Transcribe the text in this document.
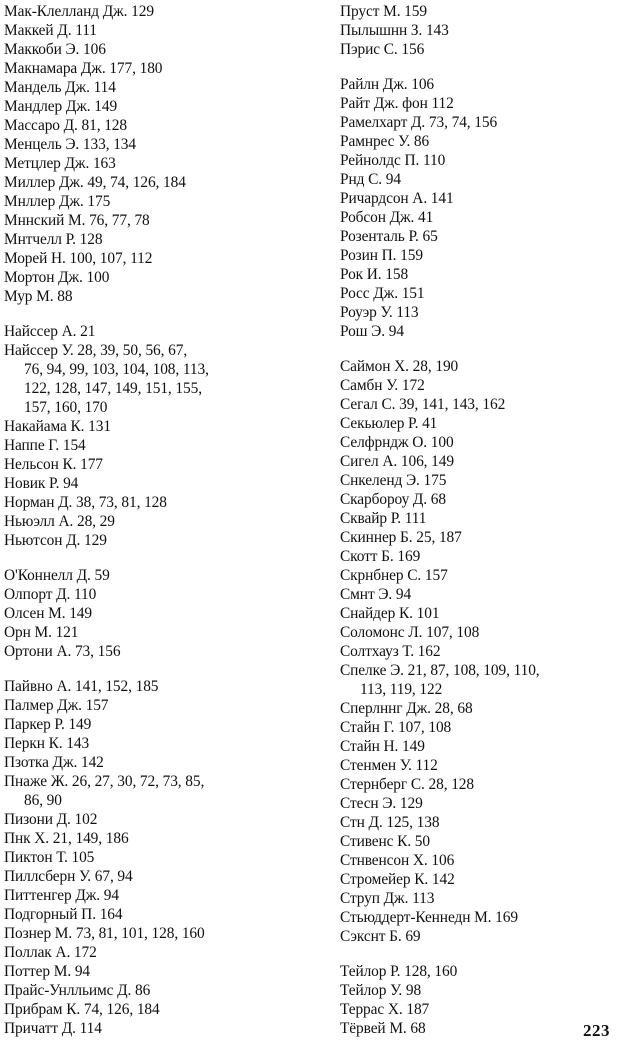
Мак-Клелланд Дж. 129
Маккей Д. 111
Маккоби Э. 106
Макнамара Дж. 177, 180
Мандель Дж. 114
Мандлер Дж. 149
Массаро Д. 81, 128
Менцель Э. 133, 134
Метцлер Дж. 163
Миллер Дж. 49, 74, 126, 184
Мнллер Дж. 175
Мннский М. 76, 77, 78
Мнтчелл Р. 128
Морей Н. 100, 107, 112
Мортон Дж. 100
Мур М. 88
Найссер А. 21
Найссер У. 28, 39, 50, 56, 67,
76, 94, 99, 103, 104, 108, 113,
122, 128, 147, 149, 151, 155,
157, 160, 170
Накайама К. 131
Наппе Г. 154
Нельсон К. 177
Новик Р. 94
Норман Д. 38, 73, 81, 128
Ньюэлл А. 28, 29
Ньютсон Д. 129
О'Коннелл Д. 59
Олпорт Д. 110
Олсен М. 149
Орн М. 121
Ортони А. 73, 156
Пайвно А. 141, 152, 185
Палмер Дж. 157
Паркер Р. 149
Перкн К. 143
Пзотка Дж. 142
Пнаже Ж. 26, 27, 30, 72, 73, 85,
86, 90
Пизони Д. 102
Пнк Х. 21, 149, 186
Пиктон Т. 105
Пиллсберн У. 67, 94
Питтенгер Дж. 94
Подгорный П. 164
Познер М. 73, 81, 101, 128, 160
Поллак А. 172
Поттер М. 94
Прайс-Унлльимс Д. 86
Прибрам К. 74, 126, 184
Причатт Д. 114
Пруст М. 159
Пылышнн З. 143
Пэрис С. 156
Райлн Дж. 106
Райт Дж. фон 112
Рамелхарт Д. 73, 74, 156
Рамнрес У. 86
Рейнолдс П. 110
Рнд С. 94
Ричардсон А. 141
Робсон Дж. 41
Розенталь Р. 65
Розин П. 159
Рок И. 158
Росс Дж. 151
Роуэр У. 113
Рош Э. 94
Саймон Х. 28, 190
Самбн У. 172
Сегал С. 39, 141, 143, 162
Секьюлер Р. 41
Селфрндж О. 100
Сигел А. 106, 149
Снкеленд Э. 175
Скарбороу Д. 68
Сквайр Р. 111
Скиннер Б. 25, 187
Скотт Б. 169
Скрнбнер С. 157
Смнт Э. 94
Снайдер К. 101
Соломонс Л. 107, 108
Солтхауз Т. 162
Спелке Э. 21, 87, 108, 109, 110,
113, 119, 122
Сперлннг Дж. 28, 68
Стайн Г. 107, 108
Стайн Н. 149
Стенмен У. 112
Стернберг С. 28, 128
Стесн Э. 129
Стн Д. 125, 138
Стивенс К. 50
Стнвенсон Х. 106
Стромейер К. 142
Струп Дж. 113
Стьюддерт-Кеннедн М. 169
Сэкснт Б. 69
Тейлор Р. 128, 160
Тейлор У. 98
Террас Х. 187
Тёрвей М. 68	223
